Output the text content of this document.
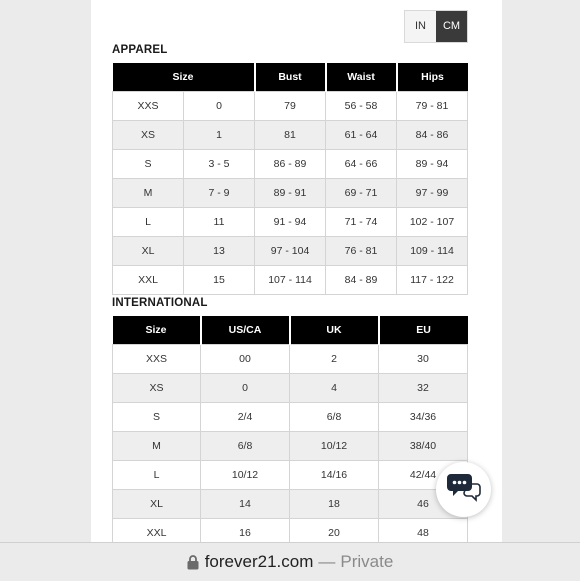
IN	CM
APPAREL
Size		Bust	Waist	Hips
XXS	0	79	56 - 58	79 - 81
XS	1	81	61 - 64	84 - 86
S	3 - 5	86 - 89	64 - 66	89 - 94
M	7 - 9	89 - 91	69 - 71	97 - 99
L	11	91 - 94	71 - 74	102 - 107
XL	13	97 - 104	76 - 81	109 - 114
XXL	15	107 - 114	84 - 89	117 - 122
INTERNATIONAL
Size	US/CA	UK	EU
XXS	00	2	30
XS	0	4	32
S	2/4	6/8	34/36
M	6/8	10/12	38/40
L	10/12	14/16	42/44
XL	14	18	46
XXL	16	20	48
forever21.com — Private
